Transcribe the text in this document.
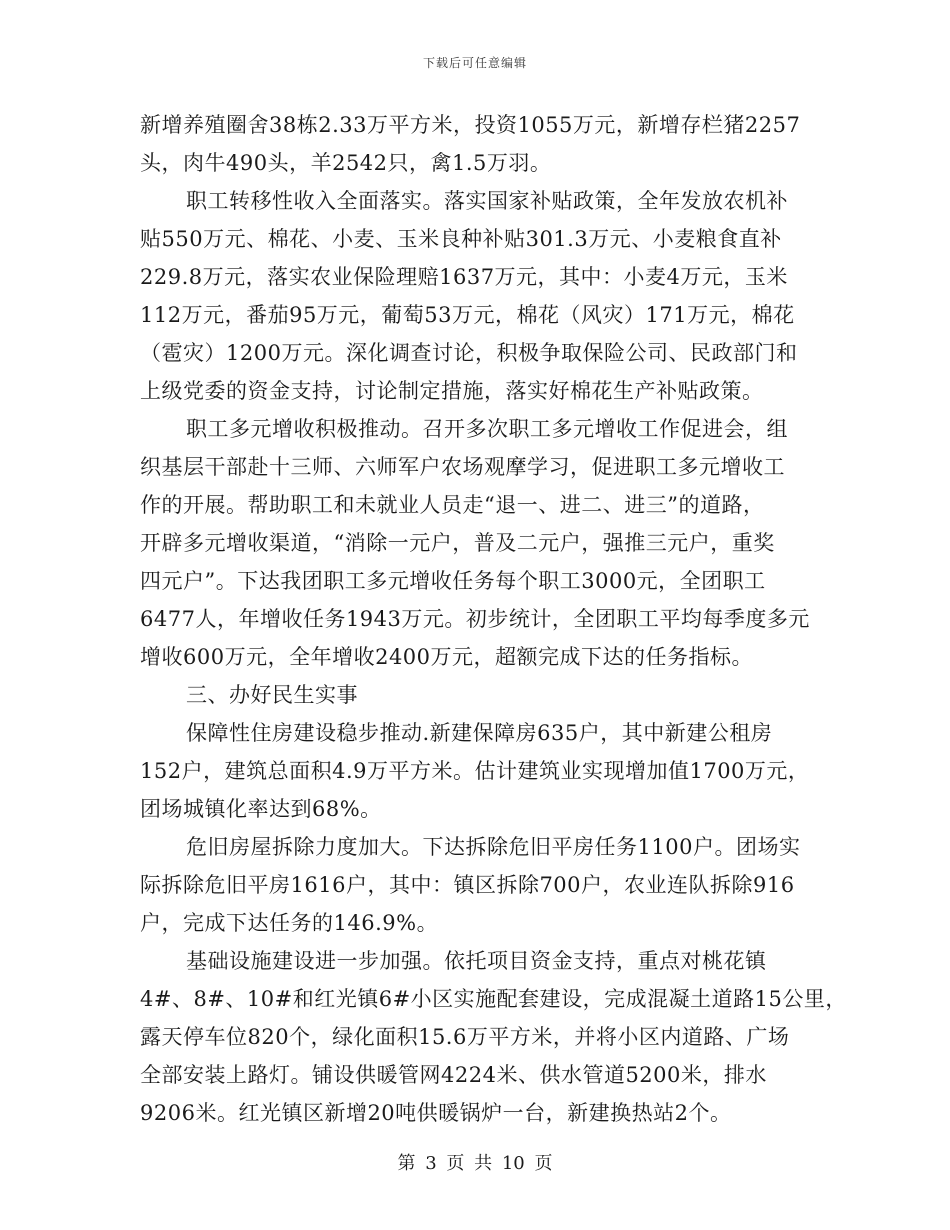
下载后可任意编辑
新增养殖圈舍38栋2.33万平方米，投资1055万元，新增存栏猪2257
头，肉牛490头，羊2542只，禽1.5万羽。
职工转移性收入全面落实。落实国家补贴政策，全年发放农机补
贴550万元、棉花、小麦、玉米良种补贴301.3万元、小麦粮食直补
229.8万元，落实农业保险理赔1637万元，其中：小麦4万元，玉米
112万元，番茄95万元，葡萄53万元，棉花（风灾）171万元，棉花
（雹灾）1200万元。深化调查讨论，积极争取保险公司、民政部门和
上级党委的资金支持，讨论制定措施，落实好棉花生产补贴政策。
职工多元增收积极推动。召开多次职工多元增收工作促进会，组
织基层干部赴十三师、六师军户农场观摩学习，促进职工多元增收工
作的开展。帮助职工和未就业人员走“退一、进二、进三”的道路，
开辟多元增收渠道，“消除一元户，普及二元户，强推三元户，重奖
四元户”。下达我团职工多元增收任务每个职工3000元，全团职工
6477人，年增收任务1943万元。初步统计，全团职工平均每季度多元
增收600万元，全年增收2400万元，超额完成下达的任务指标。
三、办好民生实事
保障性住房建设稳步推动.新建保障房635户，其中新建公租房
152户，建筑总面积4.9万平方米。估计建筑业实现增加值1700万元，
团场城镇化率达到68%。
危旧房屋拆除力度加大。下达拆除危旧平房任务1100户。团场实
际拆除危旧平房1616户，其中：镇区拆除700户，农业连队拆除916
户，完成下达任务的146.9%。
基础设施建设进一步加强。依托项目资金支持，重点对桃花镇
4#、8#、10#和红光镇6#小区实施配套建设，完成混凝土道路15公里，
露天停车位820个，绿化面积15.6万平方米，并将小区内道路、广场
全部安装上路灯。铺设供暖管网4224米、供水管道5200米，排水
9206米。红光镇区新增20吨供暖锅炉一台，新建换热站2个。
第 3 页 共 10 页
